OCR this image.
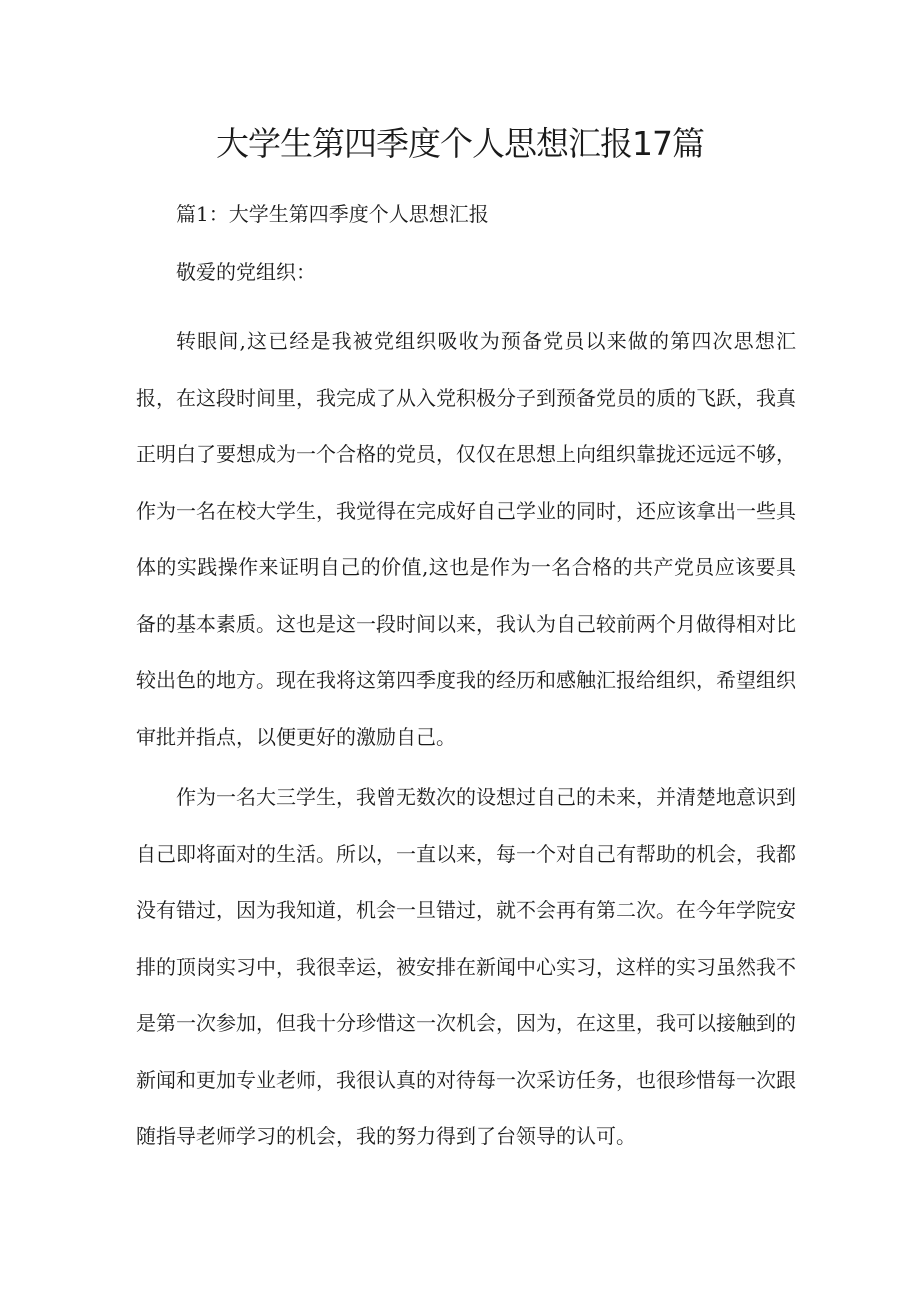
大学生第四季度个人思想汇报17篇

篇1：大学生第四季度个人思想汇报

敬爱的党组织：

转眼间,这已经是我被党组织吸收为预备党员以来做的第四次思想汇报，在这段时间里，我完成了从入党积极分子到预备党员的质的飞跃，我真正明白了要想成为一个合格的党员，仅仅在思想上向组织靠拢还远远不够，作为一名在校大学生，我觉得在完成好自己学业的同时，还应该拿出一些具体的实践操作来证明自己的价值,这也是作为一名合格的共产党员应该要具备的基本素质。这也是这一段时间以来，我认为自己较前两个月做得相对比较出色的地方。现在我将这第四季度我的经历和感触汇报给组织，希望组织审批并指点，以便更好的激励自己。

作为一名大三学生，我曾无数次的设想过自己的未来，并清楚地意识到自己即将面对的生活。所以，一直以来，每一个对自己有帮助的机会，我都没有错过，因为我知道，机会一旦错过，就不会再有第二次。在今年学院安排的顶岗实习中，我很幸运，被安排在新闻中心实习，这样的实习虽然我不是第一次参加，但我十分珍惜这一次机会，因为，在这里，我可以接触到的新闻和更加专业老师，我很认真的对待每一次采访任务，也很珍惜每一次跟随指导老师学习的机会，我的努力得到了台领导的认可。
